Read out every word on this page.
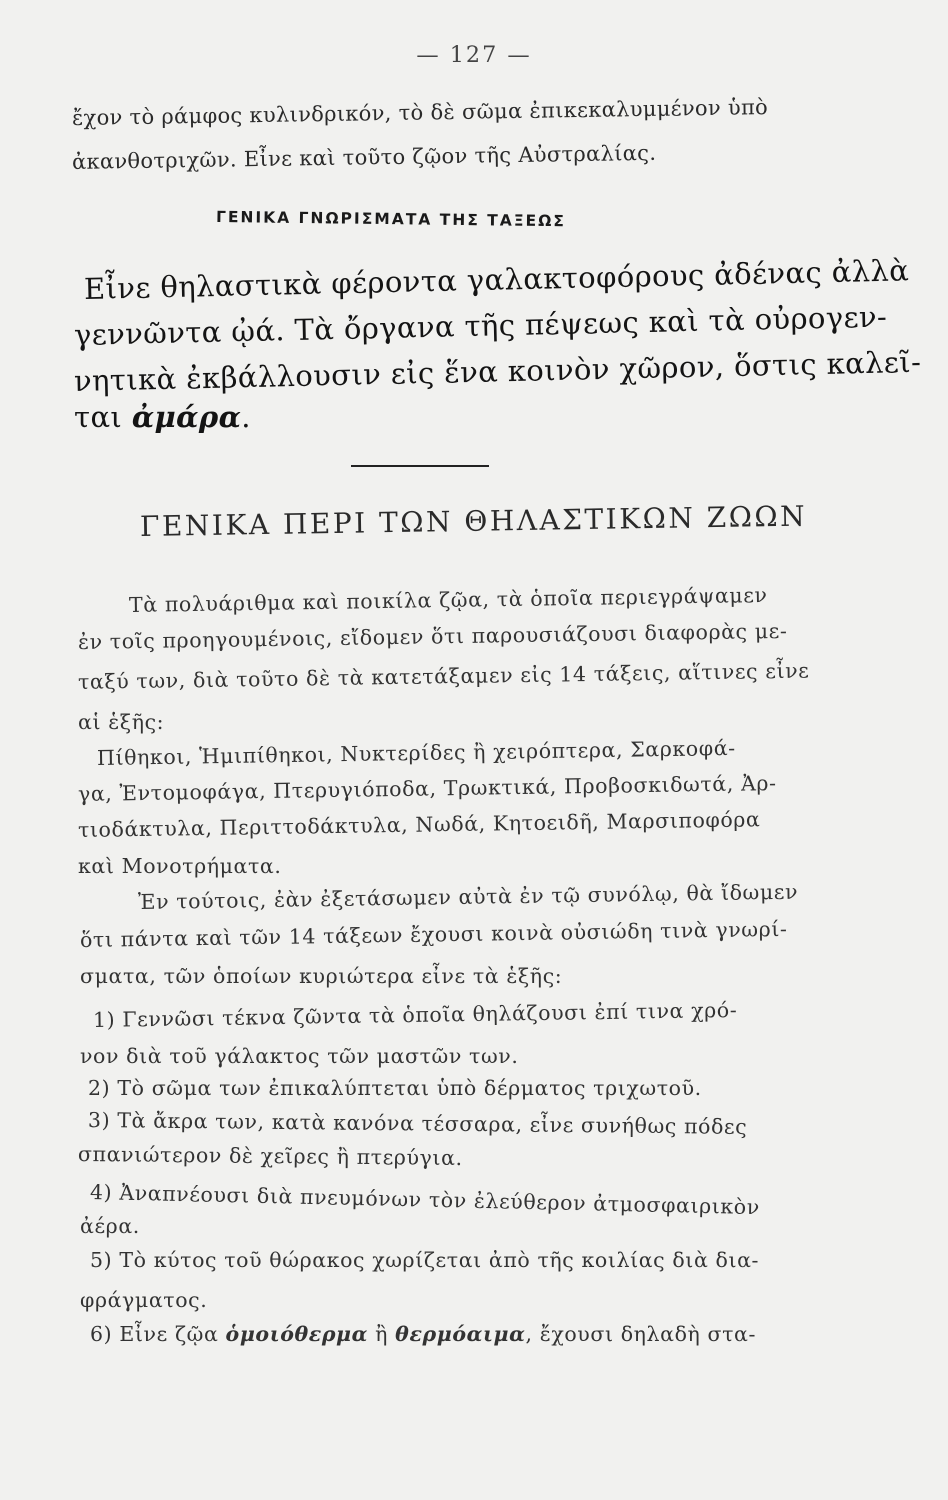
— 127 —

ἔχον τὸ ράμφος κυλινδρικόν, τὸ δὲ σῶμα ἐπικεκαλυμμένον ὑπὸ

ἀκανθοτριχῶν. Εἶνε καὶ τοῦτο ζῷον τῆς Αὐστραλίας.

ΓΕΝΙΚΑ ΓΝΩΡΙΣΜΑΤΑ ΤΗΣ ΤΑΞΕΩΣ

Εἶνε θηλαστικὰ φέροντα γαλακτοφόρους ἀδένας ἀλλὰ

γεννῶντα ᾠά. Τὰ ὄργανα τῆς πέψεως καὶ τὰ οὐρογεν-

νητικὰ ἐκβάλλουσιν εἰς ἕνα κοινὸν χῶρον, ὅστις καλεῖ-

ται ἀμάρα.

ΓΕΝΙΚΑ ΠΕΡΙ ΤΩΝ ΘΗΛΑΣΤΙΚΩΝ ΖΩΩΝ

Τὰ πολυάριθμα καὶ ποικίλα ζῷα, τὰ ὁποῖα περιεγράψαμεν

ἐν τοῖς προηγουμένοις, εἴδομεν ὅτι παρουσιάζουσι διαφορὰς με-

ταξύ των, διὰ τοῦτο δὲ τὰ κατετάξαμεν εἰς 14 τάξεις, αἵτινες εἶνε

αἱ ἑξῆς:

Πίθηκοι, Ἡμιπίθηκοι, Νυκτερίδες ἢ χειρόπτερα, Σαρκοφά-

γα, Ἐντομοφάγα, Πτερυγιόποδα, Τρωκτικά, Προβοσκιδωτά, Ἀρ-

τιοδάκτυλα, Περιττοδάκτυλα, Νωδά, Κητοειδῆ, Μαρσιποφόρα

καὶ Μονοτρήματα.

Ἐν τούτοις, ἐὰν ἐξετάσωμεν αὐτὰ ἐν τῷ συνόλῳ, θὰ ἴδωμεν

ὅτι πάντα καὶ τῶν 14 τάξεων ἔχουσι κοινὰ οὐσιώδη τινὰ γνωρί-

σματα, τῶν ὁποίων κυριώτερα εἶνε τὰ ἑξῆς:

1) Γεννῶσι τέκνα ζῶντα τὰ ὁποῖα θηλάζουσι ἐπί τινα χρό-

νον διὰ τοῦ γάλακτος τῶν μαστῶν των.

2) Τὸ σῶμα των ἐπικαλύπτεται ὑπὸ δέρματος τριχωτοῦ.

3) Τὰ ἄκρα των, κατὰ κανόνα τέσσαρα, εἶνε συνήθως πόδες

σπανιώτερον δὲ χεῖρες ἢ πτερύγια.

4) Ἀναπνέουσι διὰ πνευμόνων τὸν ἐλεύθερον ἀτμοσφαιρικὸν

ἀέρα.

5) Τὸ κύτος τοῦ θώρακος χωρίζεται ἀπὸ τῆς κοιλίας διὰ δια-

φράγματος.

6) Εἶνε ζῷα ὁμοιόθερμα ἢ θερμόαιμα, ἔχουσι δηλαδὴ στα-
